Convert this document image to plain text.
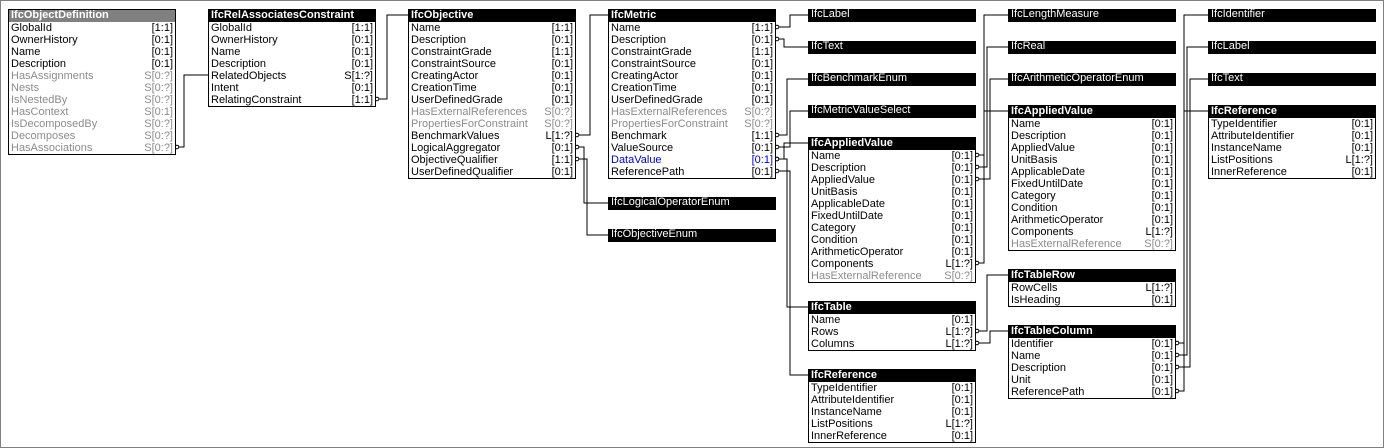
IfcObjectDefinition
GlobalId	[1:1]
OwnerHistory	[0:1]
Name	[0:1]
Description	[0:1]
HasAssignments	S[0:?]
Nests	S[0:?]
IsNestedBy	S[0:?]
HasContext	S[0:1]
IsDecomposedBy	S[0:?]
Decomposes	S[0:?]
HasAssociations	S[0:?]
IfcRelAssociatesConstraint
GlobalId	[1:1]
OwnerHistory	[0:1]
Name	[0:1]
Description	[0:1]
RelatedObjects	S[1:?]
Intent	[0:1]
RelatingConstraint	[1:1]
IfcObjective
Name	[1:1]
Description	[0:1]
ConstraintGrade	[1:1]
ConstraintSource	[0:1]
CreatingActor	[0:1]
CreationTime	[0:1]
UserDefinedGrade	[0:1]
HasExternalReferences S[0:?]
PropertiesForConstraint S[0:?]
BenchmarkValues	L[1:?]
LogicalAggregator	[0:1]
ObjectiveQualifier	[1:1]
UserDefinedQualifier	[0:1]
IfcMetric
Name	[1:1]
Description	[0:1]
ConstraintGrade	[1:1]
ConstraintSource	[0:1]
CreatingActor	[0:1]
CreationTime	[0:1]
UserDefinedGrade	[0:1]
HasExternalReferences S[0:?]
PropertiesForConstraint S[0:?]
Benchmark	[1:1]
ValueSource	[0:1]
DataValue	[0:1]
ReferencePath	[0:1]
IfcLabel
IfcText
IfcBenchmarkEnum
IfcMetricValueSelect
IfcAppliedValue
Name	[0:1]
Description	[0:1]
AppliedValue	[0:1]
UnitBasis	[0:1]
ApplicableDate	[0:1]
FixedUntilDate	[0:1]
Category	[0:1]
Condition	[0:1]
ArithmeticOperator	[0:1]
Components	L[1:?]
HasExternalReference S[0:?]
IfcTable
Name	[0:1]
Rows	L[1:?]
Columns	L[1:?]
IfcReference
TypeIdentifier	[0:1]
AttributeIdentifier	[0:1]
InstanceName	[0:1]
ListPositions	L[1:?]
InnerReference	[0:1]
IfcLogicalOperatorEnum
IfcObjectiveEnum
IfcLengthMeasure
IfcReal
IfcArithmeticOperatorEnum
IfcAppliedValue
Name	[0:1]
Description	[0:1]
AppliedValue	[0:1]
UnitBasis	[0:1]
ApplicableDate	[0:1]
FixedUntilDate	[0:1]
Category	[0:1]
Condition	[0:1]
ArithmeticOperator	[0:1]
Components	L[1:?]
HasExternalReference S[0:?]
IfcTableRow
RowCells	L[1:?]
IsHeading	[0:1]
IfcTableColumn
Identifier	[0:1]
Name	[0:1]
Description	[0:1]
Unit	[0:1]
ReferencePath	[0:1]
IfcIdentifier
IfcLabel
IfcText
IfcReference
TypeIdentifier	[0:1]
AttributeIdentifier	[0:1]
InstanceName	[0:1]
ListPositions	L[1:?]
InnerReference	[0:1]
